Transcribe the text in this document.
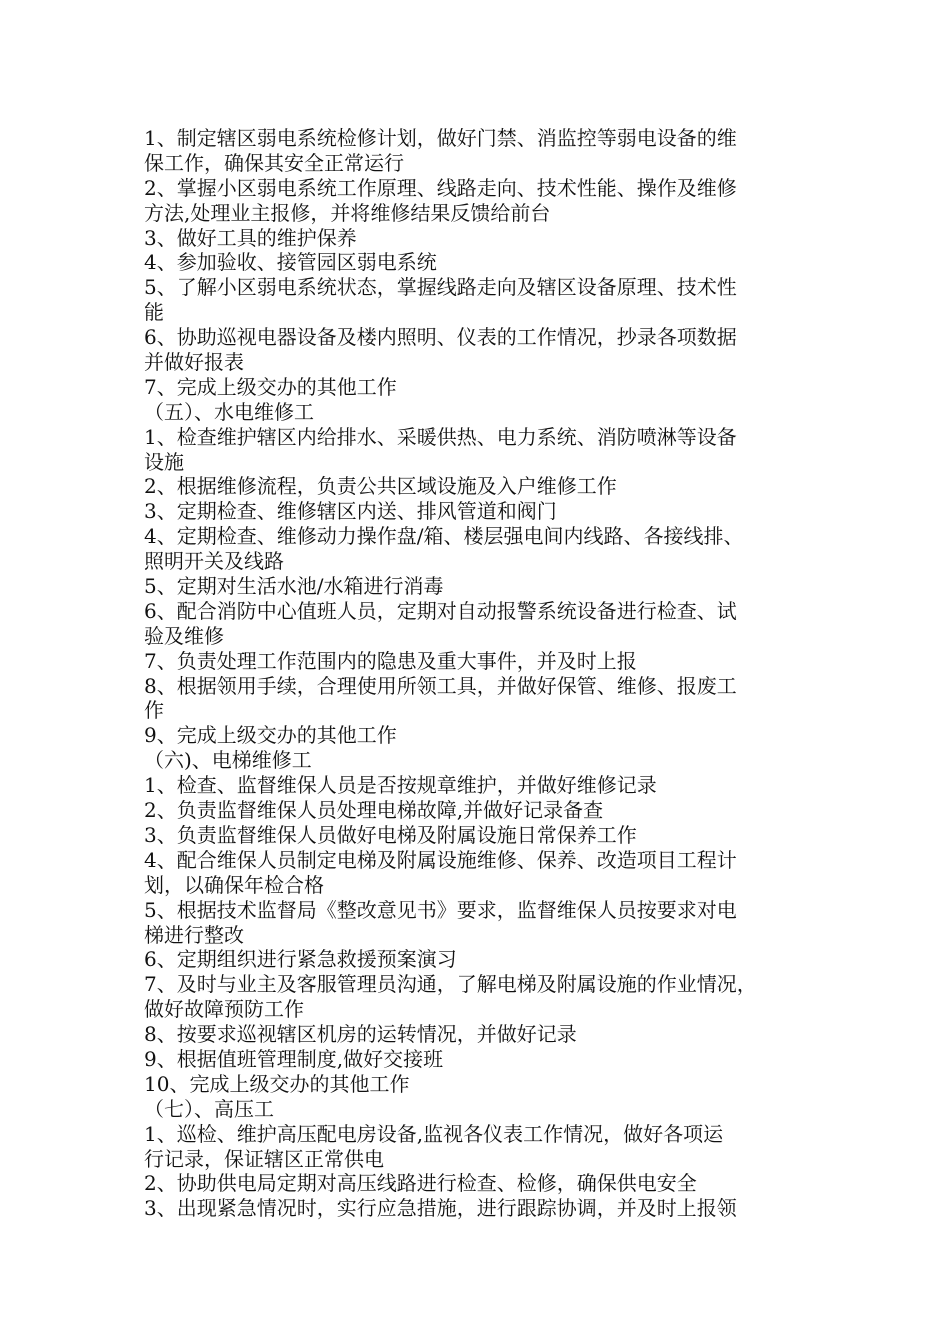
1、制定辖区弱电系统检修计划，做好门禁、消监控等弱电设备的维
保工作，确保其安全正常运行
2、掌握小区弱电系统工作原理、线路走向、技术性能、操作及维修
方法,处理业主报修，并将维修结果反馈给前台
3、做好工具的维护保养
4、参加验收、接管园区弱电系统
5、了解小区弱电系统状态，掌握线路走向及辖区设备原理、技术性
能
6、协助巡视电器设备及楼内照明、仪表的工作情况，抄录各项数据
并做好报表
7、完成上级交办的其他工作
（五）、水电维修工
1、检查维护辖区内给排水、采暖供热、电力系统、消防喷淋等设备
设施
2、根据维修流程，负责公共区域设施及入户维修工作
3、定期检查、维修辖区内送、排风管道和阀门
4、定期检查、维修动力操作盘/箱、楼层强电间内线路、各接线排、
照明开关及线路
5、定期对生活水池/水箱进行消毒
6、配合消防中心值班人员，定期对自动报警系统设备进行检查、试
验及维修
7、负责处理工作范围内的隐患及重大事件，并及时上报
8、根据领用手续，合理使用所领工具，并做好保管、维修、报废工
作
9、完成上级交办的其他工作
（六)、电梯维修工
1、检查、监督维保人员是否按规章维护，并做好维修记录
2、负责监督维保人员处理电梯故障,并做好记录备查
3、负责监督维保人员做好电梯及附属设施日常保养工作
4、配合维保人员制定电梯及附属设施维修、保养、改造项目工程计
划，以确保年检合格
5、根据技术监督局《整改意见书》要求，监督维保人员按要求对电
梯进行整改
6、定期组织进行紧急救援预案演习
7、及时与业主及客服管理员沟通，了解电梯及附属设施的作业情况，
做好故障预防工作
8、按要求巡视辖区机房的运转情况，并做好记录
9、根据值班管理制度,做好交接班
10、完成上级交办的其他工作
（七）、高压工
1、巡检、维护高压配电房设备,监视各仪表工作情况，做好各项运
行记录，保证辖区正常供电
2、协助供电局定期对高压线路进行检查、检修，确保供电安全
3、出现紧急情况时，实行应急措施，进行跟踪协调，并及时上报领
